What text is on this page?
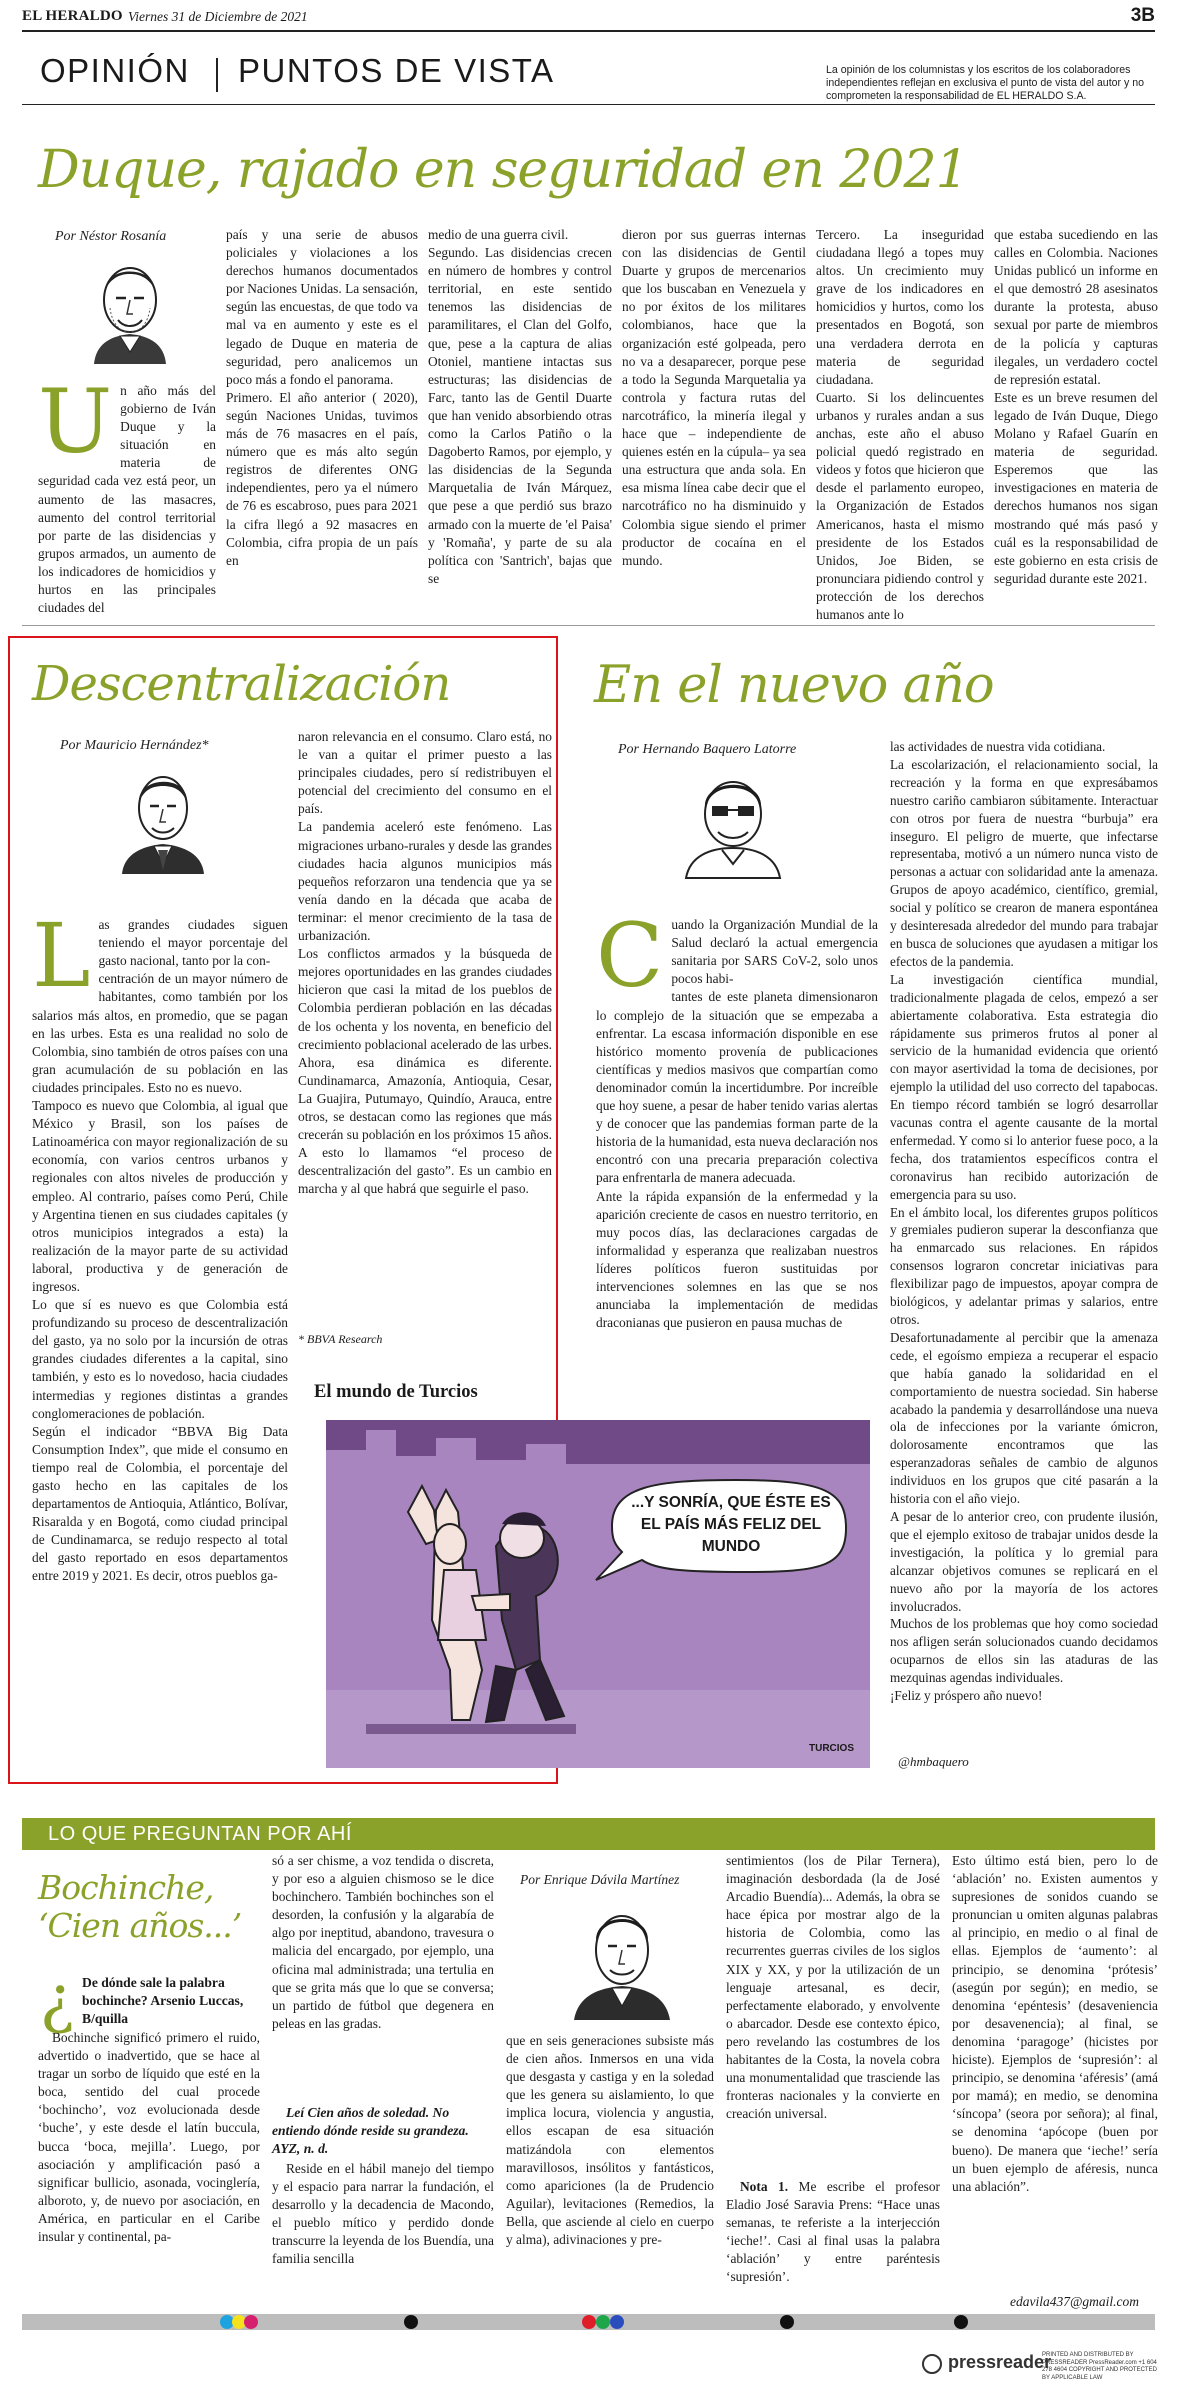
EL HERALDO Viernes 31 de Diciembre de 2021	3B
OPINIÓN PUNTOS DE VISTA	La opinión de los columnistas y los escritos de los colaboradores independientes reflejan en exclusiva el punto de vista del autor y no comprometen la responsabilidad de EL HERALDO S.A.
Duque, rajado en seguridad en 2021
Por Néstor Rosanía
Un año más del gobierno de Iván Duque y la situación en materia de seguridad cada vez está peor, un aumento de las masacres, aumento del control territorial por parte de las disidencias y grupos armados, un aumento de los indicadores de homicidios y hurtos en las principales ciudades del
país y una serie de abusos policiales y violaciones a los derechos humanos documentados por Naciones Unidas. La sensación, según las encuestas, de que todo va mal va en aumento y este es el legado de Duque en materia de seguridad, pero analicemos un poco más a fondo el panorama.
Primero. El año anterior ( 2020), según Naciones Unidas, tuvimos más de 76 masacres en el país, número que es más alto según registros de diferentes ONG independientes, pero ya el número de 76 es escabroso, pues para 2021 la cifra llegó a 92 masacres en Colombia, cifra propia de un país en
medio de una guerra civil.
Segundo. Las disidencias crecen en número de hombres y control territorial, en este sentido tenemos las disidencias de paramilitares, el Clan del Golfo, que, pese a la captura de alias Otoniel, mantiene intactas sus estructuras; las disidencias de Farc, tanto las de Gentil Duarte que han venido absorbiendo otras como la Carlos Patiño o la Dagoberto Ramos, por ejemplo, y las disidencias de la Segunda Marquetalia de Iván Márquez, que pese a que perdió sus brazo armado con la muerte de 'el Paisa' y 'Romaña', y parte de su ala política con 'Santrich', bajas que se
dieron por sus guerras internas con las disidencias de Gentil Duarte y grupos de mercenarios que los buscaban en Venezuela y no por éxitos de los militares colombianos, hace que la organización esté golpeada, pero no va a desaparecer, porque pese a todo la Segunda Marquetalia ya controla y factura rutas del narcotráfico, la minería ilegal y hace que – independiente de quienes estén en la cúpula– ya sea una estructura que anda sola. En esa misma línea cabe decir que el narcotráfico no ha disminuido y Colombia sigue siendo el primer productor de cocaína en el mundo.
Tercero. La inseguridad ciudadana llegó a topes muy altos. Un crecimiento muy grave de los indicadores en homicidios y hurtos, como los presentados en Bogotá, son una verdadera derrota en materia de seguridad ciudadana.
Cuarto. Si los delincuentes urbanos y rurales andan a sus anchas, este año el abuso policial quedó registrado en videos y fotos que hicieron que desde el parlamento europeo, la Organización de Estados Americanos, hasta el mismo presidente de los Estados Unidos, Joe Biden, se pronunciara pidiendo control y protección de los derechos humanos ante lo
que estaba sucediendo en las calles en Colombia. Naciones Unidas publicó un informe en el que demostró 28 asesinatos durante la protesta, abuso sexual por parte de miembros de la policía y capturas ilegales, un verdadero coctel de represión estatal.
Este es un breve resumen del legado de Iván Duque, Diego Molano y Rafael Guarín en materia de seguridad. Esperemos que las investigaciones en materia de derechos humanos nos sigan mostrando qué más pasó y cuál es la responsabilidad de este gobierno en esta crisis de seguridad durante este 2021.
Descentralización
Por Mauricio Hernández*

Las grandes ciudades siguen teniendo el mayor porcentaje del gasto nacional, tanto por la con-
centración de un mayor número de habitantes, como también por los salarios más altos, en promedio, que se pagan en las urbes. Esta es una realidad no solo de Colombia, sino también de otros países con una gran acumulación de su población en las ciudades principales. Esto no es nuevo.
Tampoco es nuevo que Colombia, al igual que México y Brasil, son los países de Latinoamérica con mayor regionalización de su economía, con varios centros urbanos y regionales con altos niveles de producción y empleo. Al contrario, países como Perú, Chile y Argentina tienen en sus ciudades capitales (y otros municipios integrados a esta) la realización de la mayor parte de su actividad laboral, productiva y de generación de ingresos.
Lo que sí es nuevo es que Colombia está profundizando su proceso de descentralización del gasto, ya no solo por la incursión de otras grandes ciudades diferentes a la capital, sino también, y esto es lo novedoso, hacia ciudades intermedias y regiones distintas a grandes conglomeraciones de población.
Según el indicador “BBVA Big Data Consumption Index”, que mide el consumo en tiempo real de Colombia, el porcentaje del gasto hecho en las capitales de los departamentos de Antioquia, Atlántico, Bolívar, Risaralda y en Bogotá, como ciudad principal de Cundinamarca, se redujo respecto al total del gasto reportado en esos departamentos entre 2019 y 2021. Es decir, otros pueblos ga-
naron relevancia en el consumo. Claro está, no le van a quitar el primer puesto a las principales ciudades, pero sí redistribuyen el potencial del crecimiento del consumo en el país.
La pandemia aceleró este fenómeno. Las migraciones urbano-rurales y desde las grandes ciudades hacia algunos municipios más pequeños reforzaron una tendencia que ya se venía dando en la década que acaba de terminar: el menor crecimiento de la tasa de urbanización.
Los conflictos armados y la búsqueda de mejores oportunidades en las grandes ciudades hicieron que casi la mitad de los pueblos de Colombia perdieran población en las décadas de los ochenta y los noventa, en beneficio del crecimiento poblacional acelerado de las urbes. Ahora, esa dinámica es diferente. Cundinamarca, Amazonía, Antioquia, Cesar, La Guajira, Putumayo, Quindío, Arauca, entre otros, se destacan como las regiones que más crecerán su población en los próximos 15 años. A esto lo llamamos “el proceso de descentralización del gasto”. Es un cambio en marcha y al que habrá que seguirle el paso.
* BBVA Research
El mundo de Turcios
...Y SONRÍA, QUE ÉSTE ES EL PAÍS MÁS FELIZ DEL MUNDO
TURCIOS
En el nuevo año
Por Hernando Baquero Latorre

Cuando la Organización Mundial de la Salud declaró la actual emergencia sanitaria por SARS CoV-2, solo unos pocos habi-
tantes de este planeta dimensionaron lo complejo de la situación que se empezaba a enfrentar. La escasa información disponible en ese histórico momento provenía de publicaciones científicas y medios masivos que compartían como denominador común la incertidumbre. Por increíble que hoy suene, a pesar de haber tenido varias alertas y de conocer que las pandemias forman parte de la historia de la humanidad, esta nueva declaración nos encontró con una precaria preparación colectiva para enfrentarla de manera adecuada.
Ante la rápida expansión de la enfermedad y la aparición creciente de casos en nuestro territorio, en muy pocos días, las declaraciones cargadas de informalidad y esperanza que realizaban nuestros líderes políticos fueron sustituidas por intervenciones solemnes en las que se nos anunciaba la implementación de medidas draconianas que pusieron en pausa muchas de
las actividades de nuestra vida cotidiana.
La escolarización, el relacionamiento social, la recreación y la forma en que expresábamos nuestro cariño cambiaron súbitamente. Interactuar con otros por fuera de nuestra “burbuja” era inseguro. El peligro de muerte, que infectarse representaba, motivó a un número nunca visto de personas a actuar con solidaridad ante la amenaza. Grupos de apoyo académico, científico, gremial, social y político se crearon de manera espontánea y desinteresada alrededor del mundo para trabajar en busca de soluciones que ayudasen a mitigar los efectos de la pandemia.
La investigación científica mundial, tradicionalmente plagada de celos, empezó a ser abiertamente colaborativa. Esta estrategia dio rápidamente sus primeros frutos al poner al servicio de la humanidad evidencia que orientó con mayor asertividad la toma de decisiones, por ejemplo la utilidad del uso correcto del tapabocas. En tiempo récord también se logró desarrollar vacunas contra el agente causante de la mortal enfermedad. Y como si lo anterior fuese poco, a la fecha, dos tratamientos específicos contra el coronavirus han recibido autorización de emergencia para su uso.
En el ámbito local, los diferentes grupos políticos y gremiales pudieron superar la desconfianza que ha enmarcado sus relaciones. En rápidos consensos lograron concretar iniciativas para flexibilizar pago de impuestos, apoyar compra de biológicos, y adelantar primas y salarios, entre otros.
Desafortunadamente al percibir que la amenaza cede, el egoísmo empieza a recuperar el espacio que había ganado la solidaridad en el comportamiento de nuestra sociedad. Sin haberse acabado la pandemia y desarrollándose una nueva ola de infecciones por la variante ómicron, dolorosamente encontramos que las esperanzadoras señales de cambio de algunos individuos en los grupos que cité pasarán a la historia con el año viejo.
A pesar de lo anterior creo, con prudente ilusión, que el ejemplo exitoso de trabajar unidos desde la investigación, la política y lo gremial para alcanzar objetivos comunes se replicará en el nuevo año por la mayoría de los actores involucrados.
Muchos de los problemas que hoy como sociedad nos afligen serán solucionados cuando decidamos ocuparnos de ellos sin las ataduras de las mezquinas agendas individuales.
¡Feliz y próspero año nuevo!
@hmbaquero
LO QUE PREGUNTAN POR AHÍ
Bochinche,
‘Cien años...’
¿ De dónde sale la palabra bochinche? Arsenio Luccas, B/quilla
Bochinche significó primero el ruido, advertido o inadvertido, que se hace al tragar un sorbo de líquido que esté en la boca, sentido del cual procede ‘bochincho’, voz evolucionada desde ‘buche’, y este desde el latín buccula, bucca ‘boca, mejilla’. Luego, por asociación y amplificación pasó a significar bullicio, asonada, vocinglería, alboroto, y, de nuevo por asociación, en América, en particular en el Caribe insular y continental, pa-
só a ser chisme, a voz tendida o discreta, y por eso a alguien chismoso se le dice bochinchero. También bochinches son el desorden, la confusión y la algarabía de algo por ineptitud, abandono, travesura o malicia del encargado, por ejemplo, una oficina mal administrada; una tertulia en que se grita más que lo que se conversa; un partido de fútbol que degenera en peleas en las gradas.
Leí Cien años de soledad. No entiendo dónde reside su grandeza. AYZ, n. d.
Reside en el hábil manejo del tiempo y el espacio para narrar la fundación, el desarrollo y la decadencia de Macondo, el pueblo mítico y perdido donde transcurre la leyenda de los Buendía, una familia sencilla
Por Enrique Dávila Martínez
que en seis generaciones subsiste más de cien años. Inmersos en una vida que desgasta y castiga y en la soledad que les genera su aislamiento, lo que implica locura, violencia y angustia, ellos escapan de esa situación matizándola con elementos maravillosos, insólitos y fantásticos, como apariciones (la de Prudencio Aguilar), levitaciones (Remedios, la Bella, que asciende al cielo en cuerpo y alma), adivinaciones y pre-
sentimientos (los de Pilar Ternera), imaginación desbordada (la de José Arcadio Buendía)... Además, la obra se hace épica por mostrar algo de la historia de Colombia, como las recurrentes guerras civiles de los siglos XIX y XX, y por la utilización de un lenguaje artesanal, es decir, perfectamente elaborado, y envolvente o abarcador. Desde ese contexto épico, pero revelando las costumbres de los habitantes de la Costa, la novela cobra una monumentalidad que trasciende las fronteras nacionales y la convierte en creación universal.
Nota 1. Me escribe el profesor Eladio José Saravia Prens: “Hace unas semanas, te referiste a la interjección ‘ieche!’. Casi al final usas la palabra ‘ablación’ y entre paréntesis ‘supresión’.
Esto último está bien, pero lo de ‘ablación’ no. Existen aumentos y supresiones de sonidos cuando se pronuncian u omiten algunas palabras al principio, en medio o al final de ellas. Ejemplos de ‘aumento’: al principio, se denomina ‘prótesis’ (asegún por según); en medio, se denomina ‘epéntesis’ (desaveniencia por desavenencia); al final, se denomina ‘paragoge’ (hicistes por hiciste). Ejemplos de ‘supresión’: al principio, se denomina ‘aféresis’ (amá por mamá); en medio, se denomina ‘síncopa’ (seora por señora); al final, se denomina ‘apócope (buen por bueno). De manera que ‘ieche!’ sería un buen ejemplo de aféresis, nunca una ablación”.
edavila437@gmail.com
pressreader
PRINTED AND DISTRIBUTED BY PRESSREADER PressReader.com +1 604 278 4604 COPYRIGHT AND PROTECTED BY APPLICABLE LAW
